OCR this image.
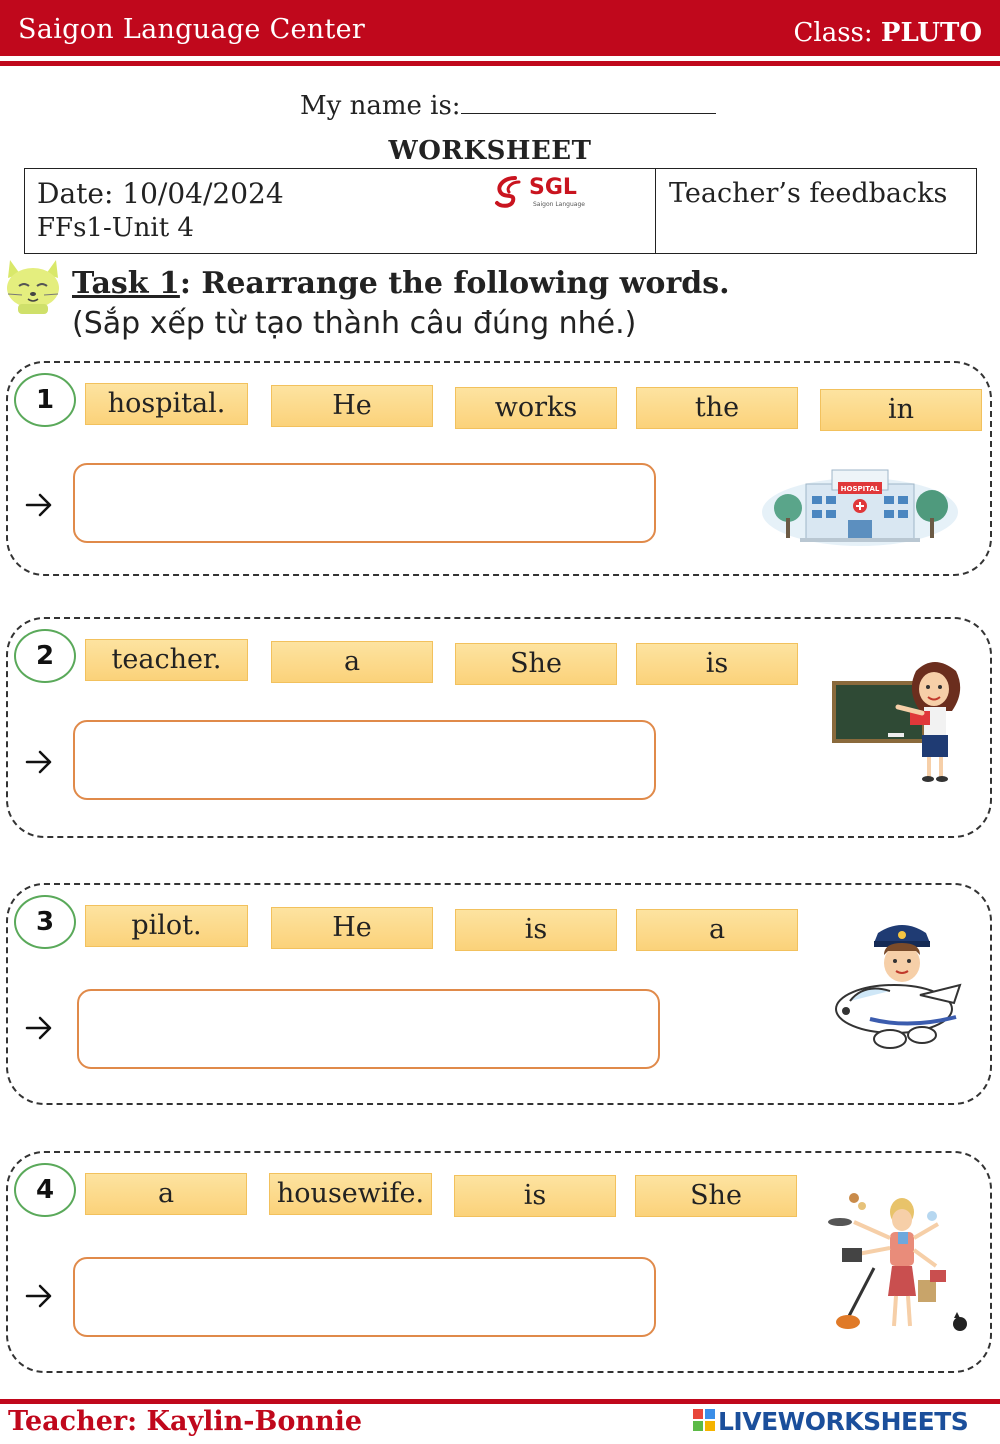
Saigon Language Center	Class: PLUTO
My name is:
WORKSHEET
Date: 10/04/2024
FFs1-Unit 4
SGL
Saigon Language	Teacher’s feedbacks
Task 1: Rearrange the following words.
(Sắp xếp từ tạo thành câu đúng nhé.)
1	hospital.	He	works	the	in
HOSPITAL
2	teacher.	a	She	is
3	pilot.	He	is	a
4	a	housewife.	is	She
Teacher: Kaylin-Bonnie	LIVEWORKSHEETS
